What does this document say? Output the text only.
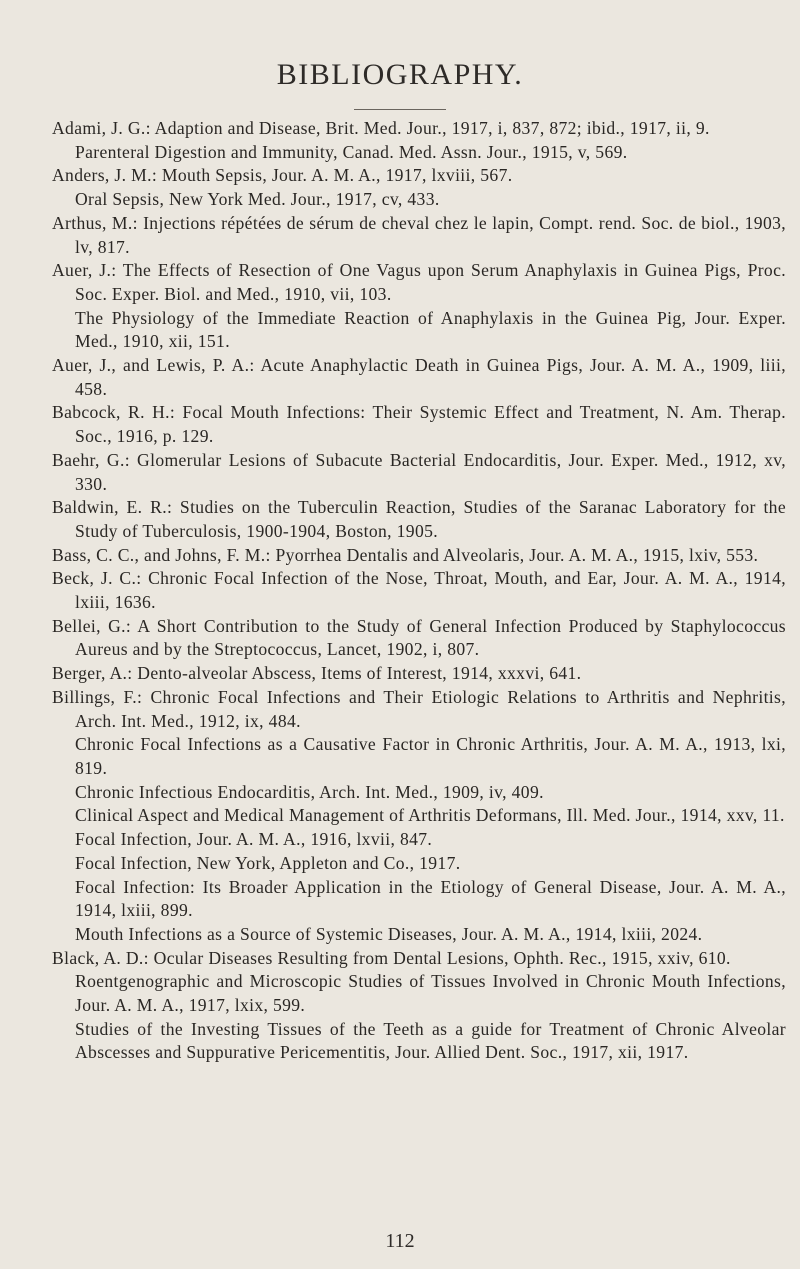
BIBLIOGRAPHY.
Adami, J. G.: Adaption and Disease, Brit. Med. Jour., 1917, i, 837, 872; ibid., 1917, ii, 9.
Parenteral Digestion and Immunity, Canad. Med. Assn. Jour., 1915, v, 569.
Anders, J. M.: Mouth Sepsis, Jour. A. M. A., 1917, lxviii, 567.
Oral Sepsis, New York Med. Jour., 1917, cv, 433.
Arthus, M.: Injections répétées de sérum de cheval chez le lapin, Compt. rend. Soc. de biol., 1903, lv, 817.
Auer, J.: The Effects of Resection of One Vagus upon Serum Anaphylaxis in Guinea Pigs, Proc. Soc. Exper. Biol. and Med., 1910, vii, 103.
The Physiology of the Immediate Reaction of Anaphylaxis in the Guinea Pig, Jour. Exper. Med., 1910, xii, 151.
Auer, J., and Lewis, P. A.: Acute Anaphylactic Death in Guinea Pigs, Jour. A. M. A., 1909, liii, 458.
Babcock, R. H.: Focal Mouth Infections: Their Systemic Effect and Treatment, N. Am. Therap. Soc., 1916, p. 129.
Baehr, G.: Glomerular Lesions of Subacute Bacterial Endocarditis, Jour. Exper. Med., 1912, xv, 330.
Baldwin, E. R.: Studies on the Tuberculin Reaction, Studies of the Saranac Laboratory for the Study of Tuberculosis, 1900-1904, Boston, 1905.
Bass, C. C., and Johns, F. M.: Pyorrhea Dentalis and Alveolaris, Jour. A. M. A., 1915, lxiv, 553.
Beck, J. C.: Chronic Focal Infection of the Nose, Throat, Mouth, and Ear, Jour. A. M. A., 1914, lxiii, 1636.
Bellei, G.: A Short Contribution to the Study of General Infection Produced by Staphylococcus Aureus and by the Streptococcus, Lancet, 1902, i, 807.
Berger, A.: Dento-alveolar Abscess, Items of Interest, 1914, xxxvi, 641.
Billings, F.: Chronic Focal Infections and Their Etiologic Relations to Arthritis and Nephritis, Arch. Int. Med., 1912, ix, 484.
Chronic Focal Infections as a Causative Factor in Chronic Arthritis, Jour. A. M. A., 1913, lxi, 819.
Chronic Infectious Endocarditis, Arch. Int. Med., 1909, iv, 409.
Clinical Aspect and Medical Management of Arthritis Deformans, Ill. Med. Jour., 1914, xxv, 11.
Focal Infection, Jour. A. M. A., 1916, lxvii, 847.
Focal Infection, New York, Appleton and Co., 1917.
Focal Infection: Its Broader Application in the Etiology of General Disease, Jour. A. M. A., 1914, lxiii, 899.
Mouth Infections as a Source of Systemic Diseases, Jour. A. M. A., 1914, lxiii, 2024.
Black, A. D.: Ocular Diseases Resulting from Dental Lesions, Ophth. Rec., 1915, xxiv, 610.
Roentgenographic and Microscopic Studies of Tissues Involved in Chronic Mouth Infections, Jour. A. M. A., 1917, lxix, 599.
Studies of the Investing Tissues of the Teeth as a guide for Treatment of Chronic Alveolar Abscesses and Suppurative Pericementitis, Jour. Allied Dent. Soc., 1917, xii, 1917.

112
